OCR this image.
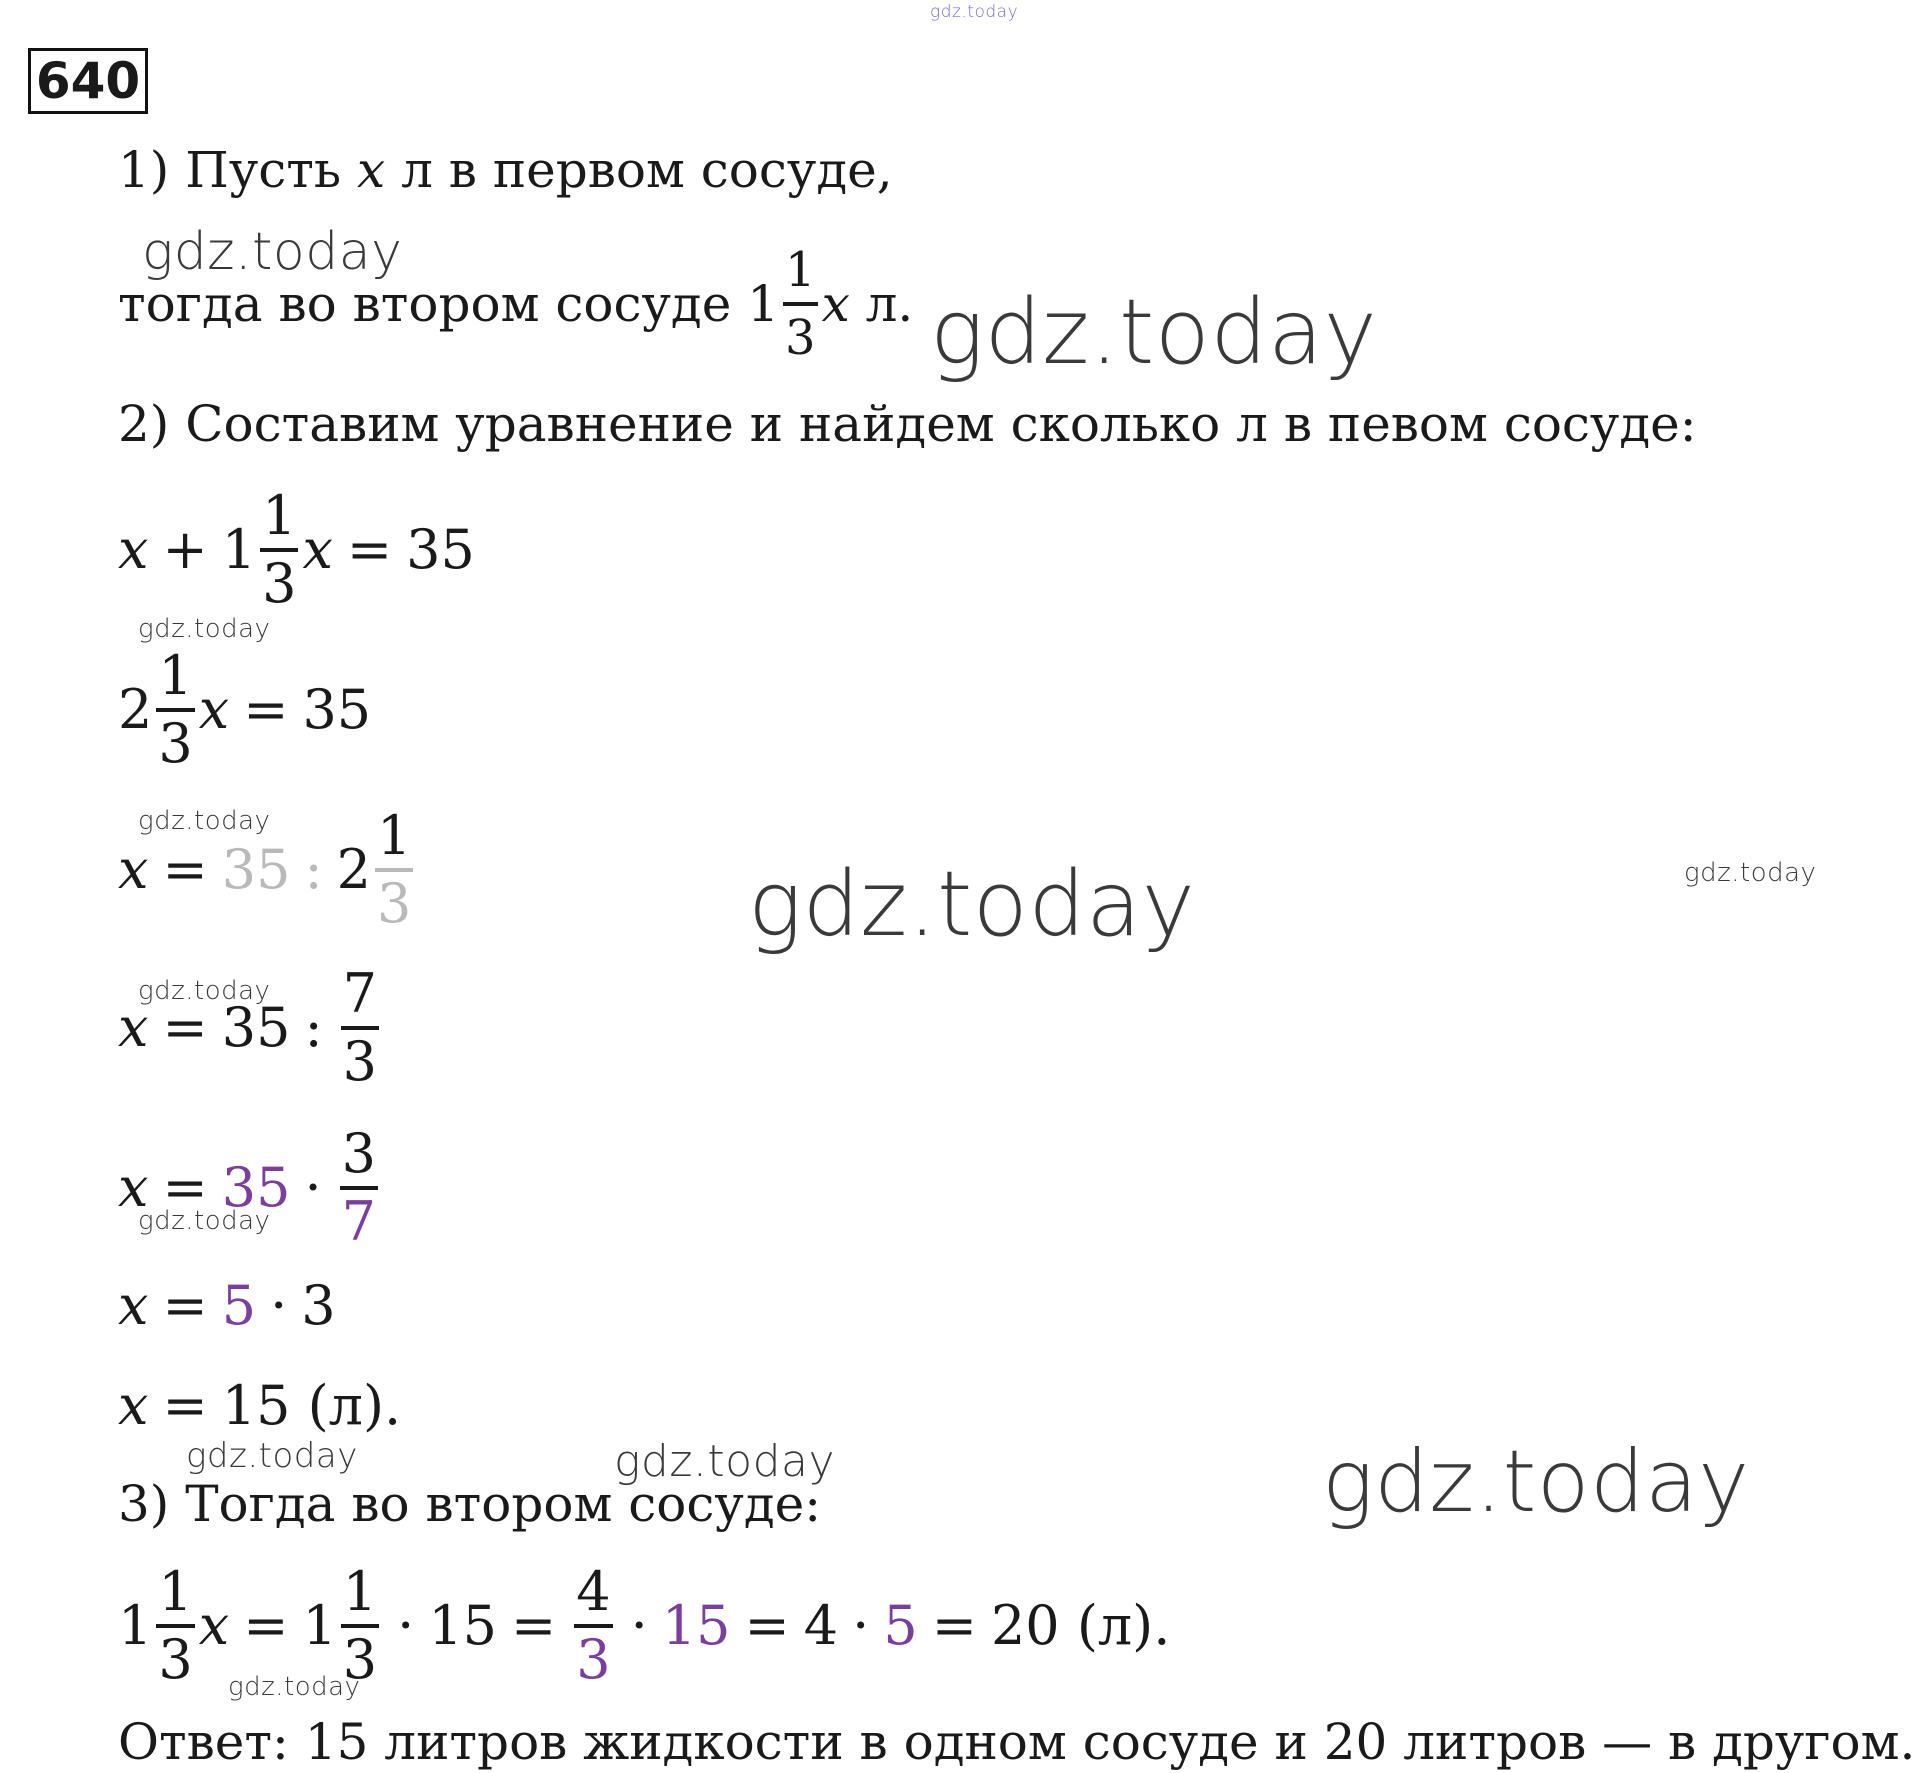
gdz.today
gdz.today
gdz.today
gdz.today
gdz.today
gdz.today	gdz.today
gdz.today
gdz.today
gdz.today	gdz.today	gdz.today
gdz.today
640
1) Пусть x л в первом сосуде,
тогда во втором сосуде $1 \frac{1}{3}$ x
л.
2) Составим уравнение и найдем сколько л в певом сосуде:
$x + 1 \frac{1}{3}$ x = 35
$2 \frac{1}{3}$ x = 35
x = 35 : $2 \frac{1}{3}$
x = 35 : $\frac{7}{3}$
$x = 35 \cdot \frac{3}{7}$
x = 5 · 3
x = 15 (л).
3) Тогда во втором сосуде:
$1 \frac{1}{3}$ $x = 1 \frac{1}{3} \cdot 15 = \frac{4}{3} \cdot 15 = 4 \cdot 5 = 20$ (л).
Ответ: 15 литров жидкости в одном сосуде и 20 литров — в другом.
